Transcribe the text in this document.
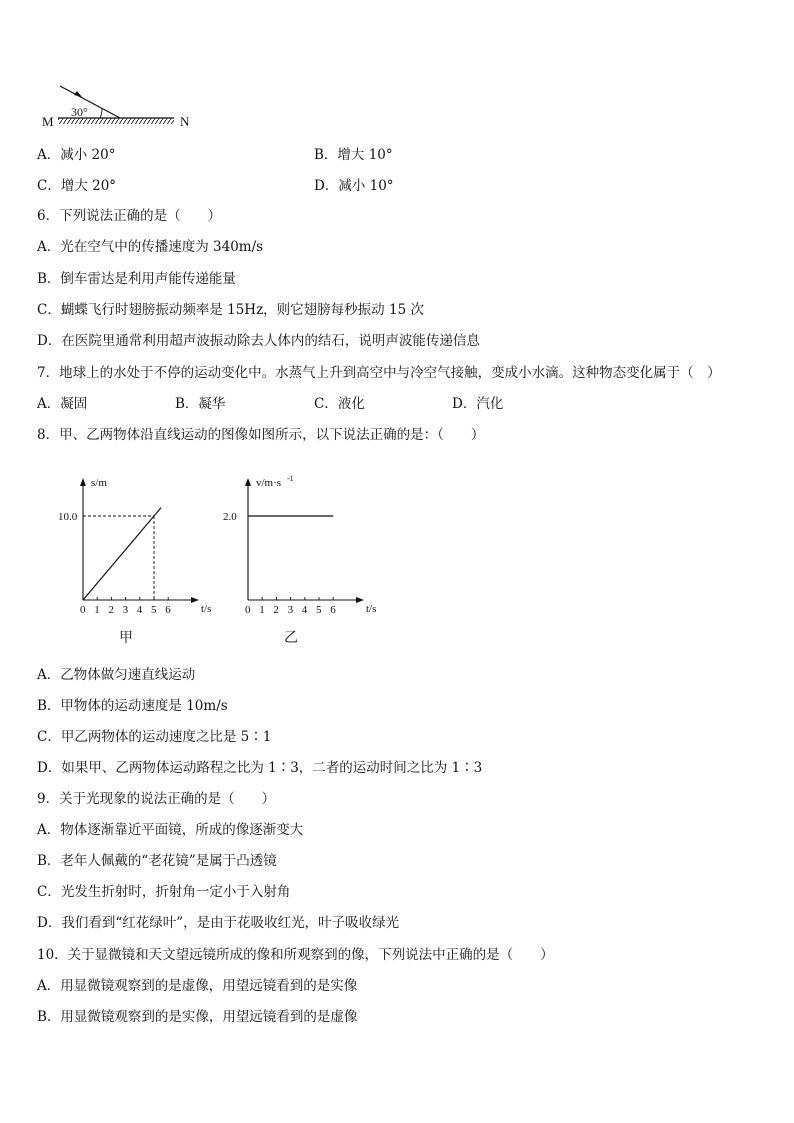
30°
M	N
A．减小 20°	B．增大 10°
C．增大 20°	D．减小 10°
6．下列说法正确的是（　　）
A．光在空气中的传播速度为 340m/s
B．倒车雷达是利用声能传递能量
C．蝴蝶飞行时翅膀振动频率是 15Hz，则它翅膀每秒振动 15 次
D．在医院里通常利用超声波振动除去人体内的结石，说明声波能传递信息
7．地球上的水处于不停的运动变化中。水蒸气上升到高空中与冷空气接触，变成小水滴。这种物态变化属于（　）
A．凝固	B．凝华	C．液化	D．汽化
8．甲、乙两物体沿直线运动的图像如图所示，以下说法正确的是：（　　）
t/s
s/m
0 1 2 3 4 5 6
10.0
甲
t/s
v/m·s -1
0 1 2 3 4 5 6
2.0
乙
A．乙物体做匀速直线运动
B．甲物体的运动速度是 10m/s
C．甲乙两物体的运动速度之比是 5∶1
D．如果甲、乙两物体运动路程之比为 1∶3，二者的运动时间之比为 1∶3
9．关于光现象的说法正确的是（　　）
A．物体逐渐靠近平面镜，所成的像逐渐变大
B．老年人佩戴的“老花镜”是属于凸透镜
C．光发生折射时，折射角一定小于入射角
D．我们看到“红花绿叶”，是由于花吸收红光，叶子吸收绿光
10．关于显微镜和天文望远镜所成的像和所观察到的像，下列说法中正确的是（　　）
A．用显微镜观察到的是虚像，用望远镜看到的是实像
B．用显微镜观察到的是实像，用望远镜看到的是虚像
